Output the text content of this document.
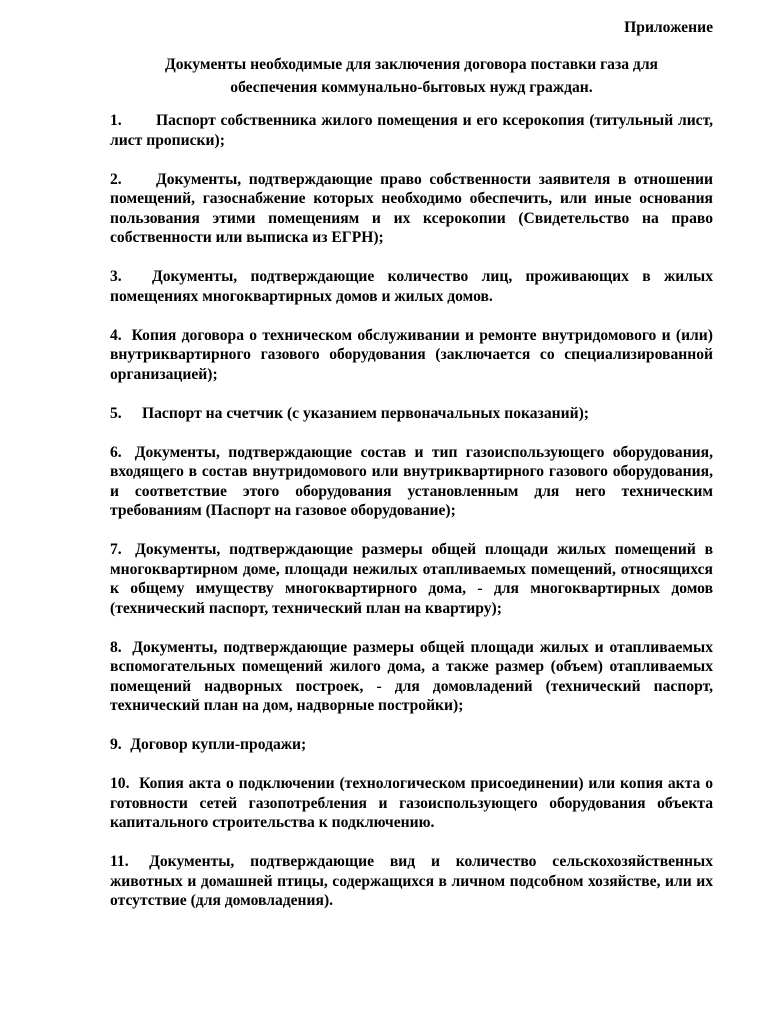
Приложение
Документы необходимые для заключения договора поставки газа для
обеспечения коммунально-бытовых нужд граждан.
1. Паспорт собственника жилого помещения и его ксерокопия (титульный лист, лист прописки);
2. Документы, подтверждающие право собственности заявителя в отношении помещений, газоснабжение которых необходимо обеспечить, или иные основания пользования этими помещениям и их ксерокопии (Свидетельство на право собственности или выписка из ЕГРН);
3. Документы, подтверждающие количество лиц, проживающих в жилых помещениях многоквартирных домов и жилых домов.
4. Копия договора о техническом обслуживании и ремонте внутридомового и (или) внутриквартирного газового оборудования (заключается со специализированной организацией);
5. Паспорт на счетчик (с указанием первоначальных показаний);
6. Документы, подтверждающие состав и тип газоиспользующего оборудования, входящего в состав внутридомового или внутриквартирного газового оборудования, и соответствие этого оборудования установленным для него техническим требованиям (Паспорт на газовое оборудование);
7. Документы, подтверждающие размеры общей площади жилых помещений в многоквартирном доме, площади нежилых отапливаемых помещений, относящихся к общему имуществу многоквартирного дома, - для многоквартирных домов (технический паспорт, технический план на квартиру);
8. Документы, подтверждающие размеры общей площади жилых и отапливаемых вспомогательных помещений жилого дома, а также размер (объем) отапливаемых помещений надворных построек, - для домовладений (технический паспорт, технический план на дом, надворные постройки);
9. Договор купли-продажи;
10. Копия акта о подключении (технологическом присоединении) или копия акта о готовности сетей газопотребления и газоиспользующего оборудования объекта капитального строительства к подключению.
11. Документы, подтверждающие вид и количество сельскохозяйственных животных и домашней птицы, содержащихся в личном подсобном хозяйстве, или их отсутствие (для домовладения).
